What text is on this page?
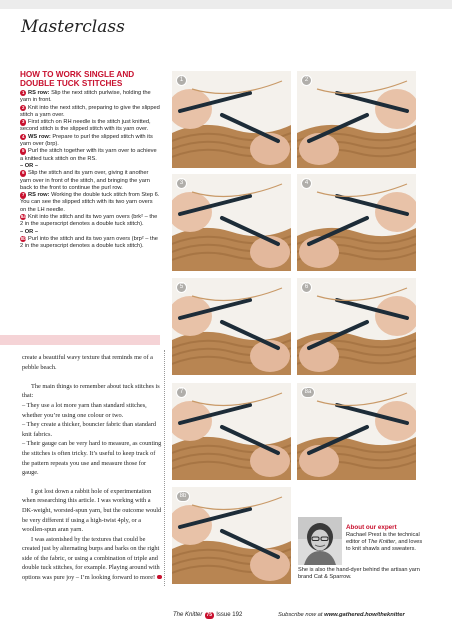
Masterclass
HOW TO WORK SINGLE AND
DOUBLE TUCK STITCHES
1 RS row: Slip the next stitch purlwise, holding the yarn in front.
2 Knit into the next stitch, preparing to give the slipped stitch a yarn over.
3 First stitch on RH needle is the stitch just knitted, second stitch is the slipped stitch with its yarn over.
4 WS row: Prepare to purl the slipped stitch with its yarn over (brp).
5 Purl the stitch together with its yarn over to achieve a knitted tuck stitch on the RS.
– OR –
6 Slip the stitch and its yarn over, giving it another yarn over in front of the stitch, and bringing the yarn back to the front to continue the purl row.
7 RS row: Working the double tuck stitch from Step 6. You can see the slipped stitch with its two yarn overs on the LH needle.
8a Knit into the stitch and its two yarn overs (brk² – the 2 in the superscript denotes a double tuck stitch).
– OR –
8b Purl into the stitch and its two yarn overs (brp² – the 2 in the superscript denotes a double tuck stitch).

create a beautiful wavy texture that reminds me of a pebble beach.

The main things to remember about tuck stitches is that:

– They use a lot more yarn than standard stitches, whether you’re using one colour or two.

– They create a thicker, bouncier fabric than standard knit fabrics.

– Their gauge can be very hard to measure, as counting the stitches is often tricky. It’s useful to keep track of the pattern repeats you use and measure those for gauge.

I got lost down a rabbit hole of experimentation when researching this article. I was working with a DK-weight, worsted-spun yarn, but the outcome would be very different if using a high-twist 4ply, or a woollen-spun aran yarn.

I was astonished by the textures that could be created just by alternating burps and barks on the right side of the fabric, or using a combination of triple and double tuck stitches, for example. Playing around with options was pure joy – I’m looking forward to more!

1	2
3	4
5	6
7	8a
8b
About our expert
Rachael Prest is the technical editor of The Knitter, and loves to knit shawls and sweaters.
She is also the hand-dyer behind the artisan yarn brand Cat & Sparrow.
The Knitter 75 Issue 192	Subscribe now at www.gathered.how/theknitter
